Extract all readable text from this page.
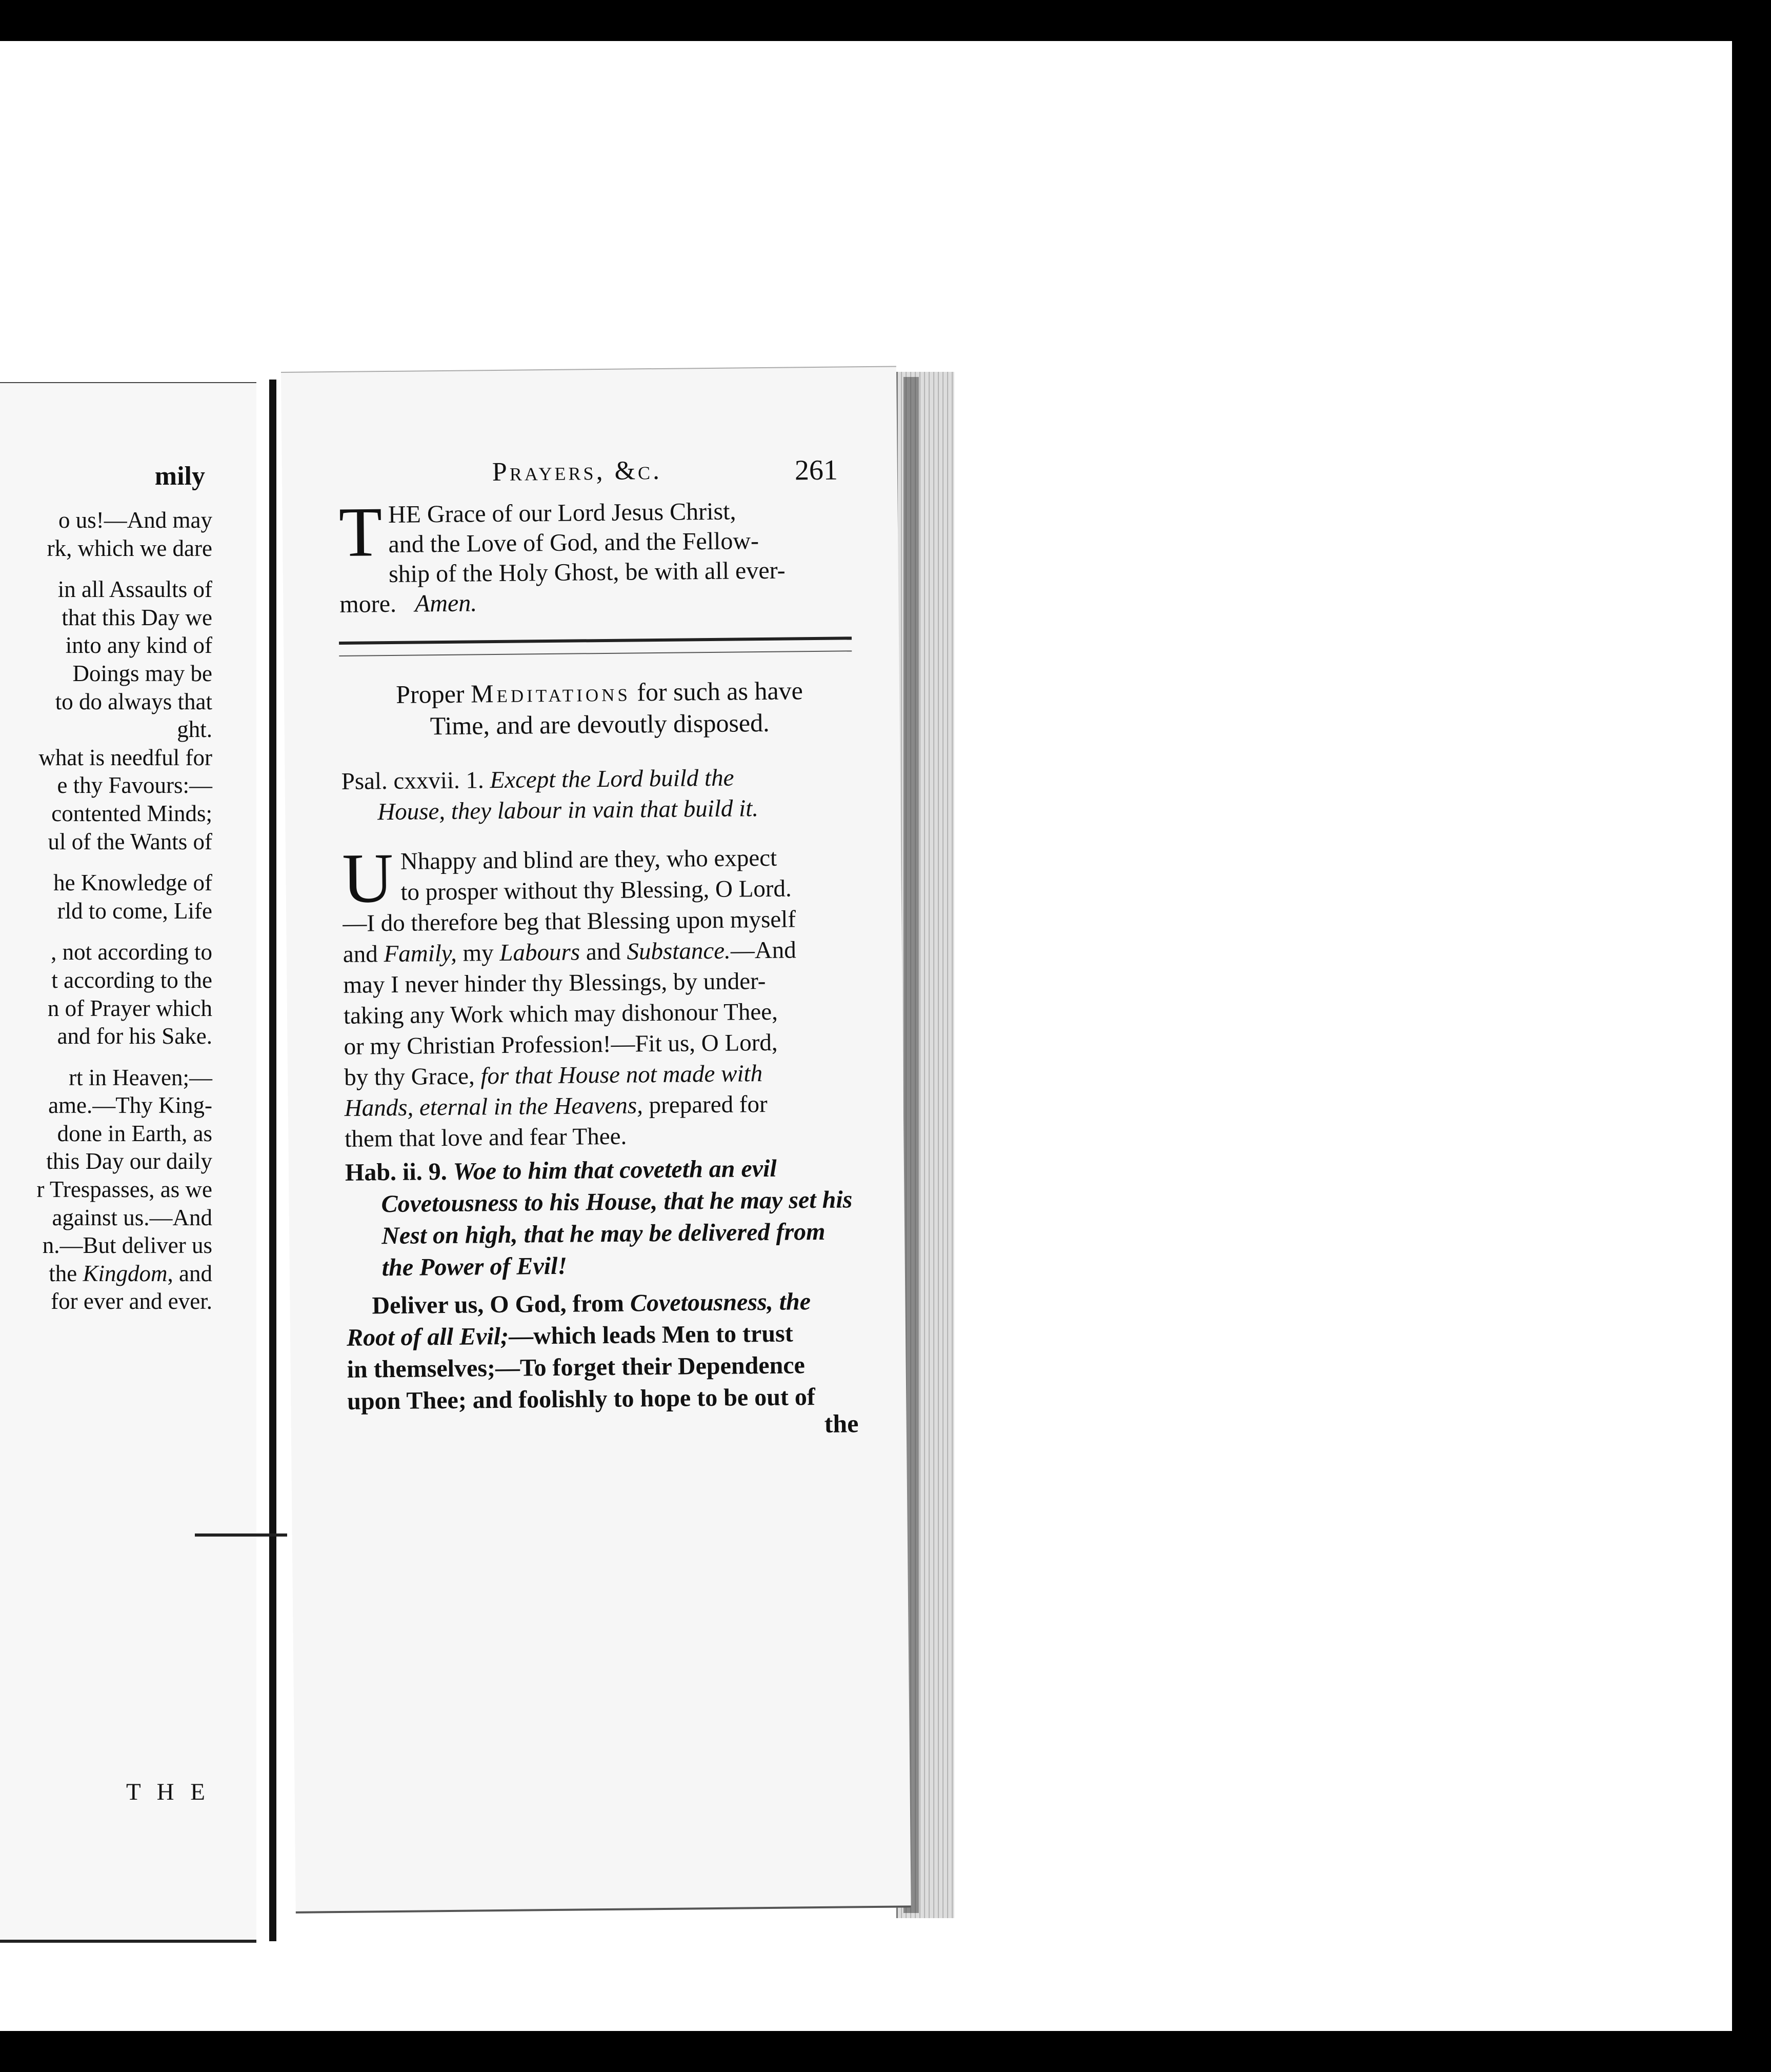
mily
o us!—And may
rk, which we dare
in all Assaults of
that this Day we
into any kind of
Doings may be
to do always that
ght.
what is needful for
e thy Favours:—
contented Minds;
ul of the Wants of
he Knowledge of
rld to come, Life
, not according to
t according to the
n of Prayer which
and for his Sake.
rt in Heaven;—
ame.—Thy King-
done in Earth, as
this Day our daily
r Trespasses, as we
against us.—And
n.—But deliver us
the Kingdom, and
for ever and ever.
T H E
Prayers, &c.	261
T HE Grace of our Lord Jesus Christ,
and the Love of God, and the Fellow-
ship of the Holy Ghost, be with all ever-
more. Amen.
Proper Meditations for such as have
Time, and are devoutly disposed.
Psal. cxxvii. 1. Except the Lord build the
House, they labour in vain that build it.
U Nhappy and blind are they, who expect
to prosper without thy Blessing, O Lord.
—I do therefore beg that Blessing upon myself
and Family, my Labours and Substance.—And
may I never hinder thy Blessings, by under-
taking any Work which may dishonour Thee,
or my Christian Profession!—Fit us, O Lord,
by thy Grace, for that House not made with
Hands, eternal in the Heavens, prepared for
them that love and fear Thee.
Hab. ii. 9. Woe to him that coveteth an evil
Covetousness to his House, that he may set his
Nest on high, that he may be delivered from
the Power of Evil!
Deliver us, O God, from Covetousness, the
Root of all Evil;—which leads Men to trust
in themselves;—To forget their Dependence
upon Thee; and foolishly to hope to be out of
the
